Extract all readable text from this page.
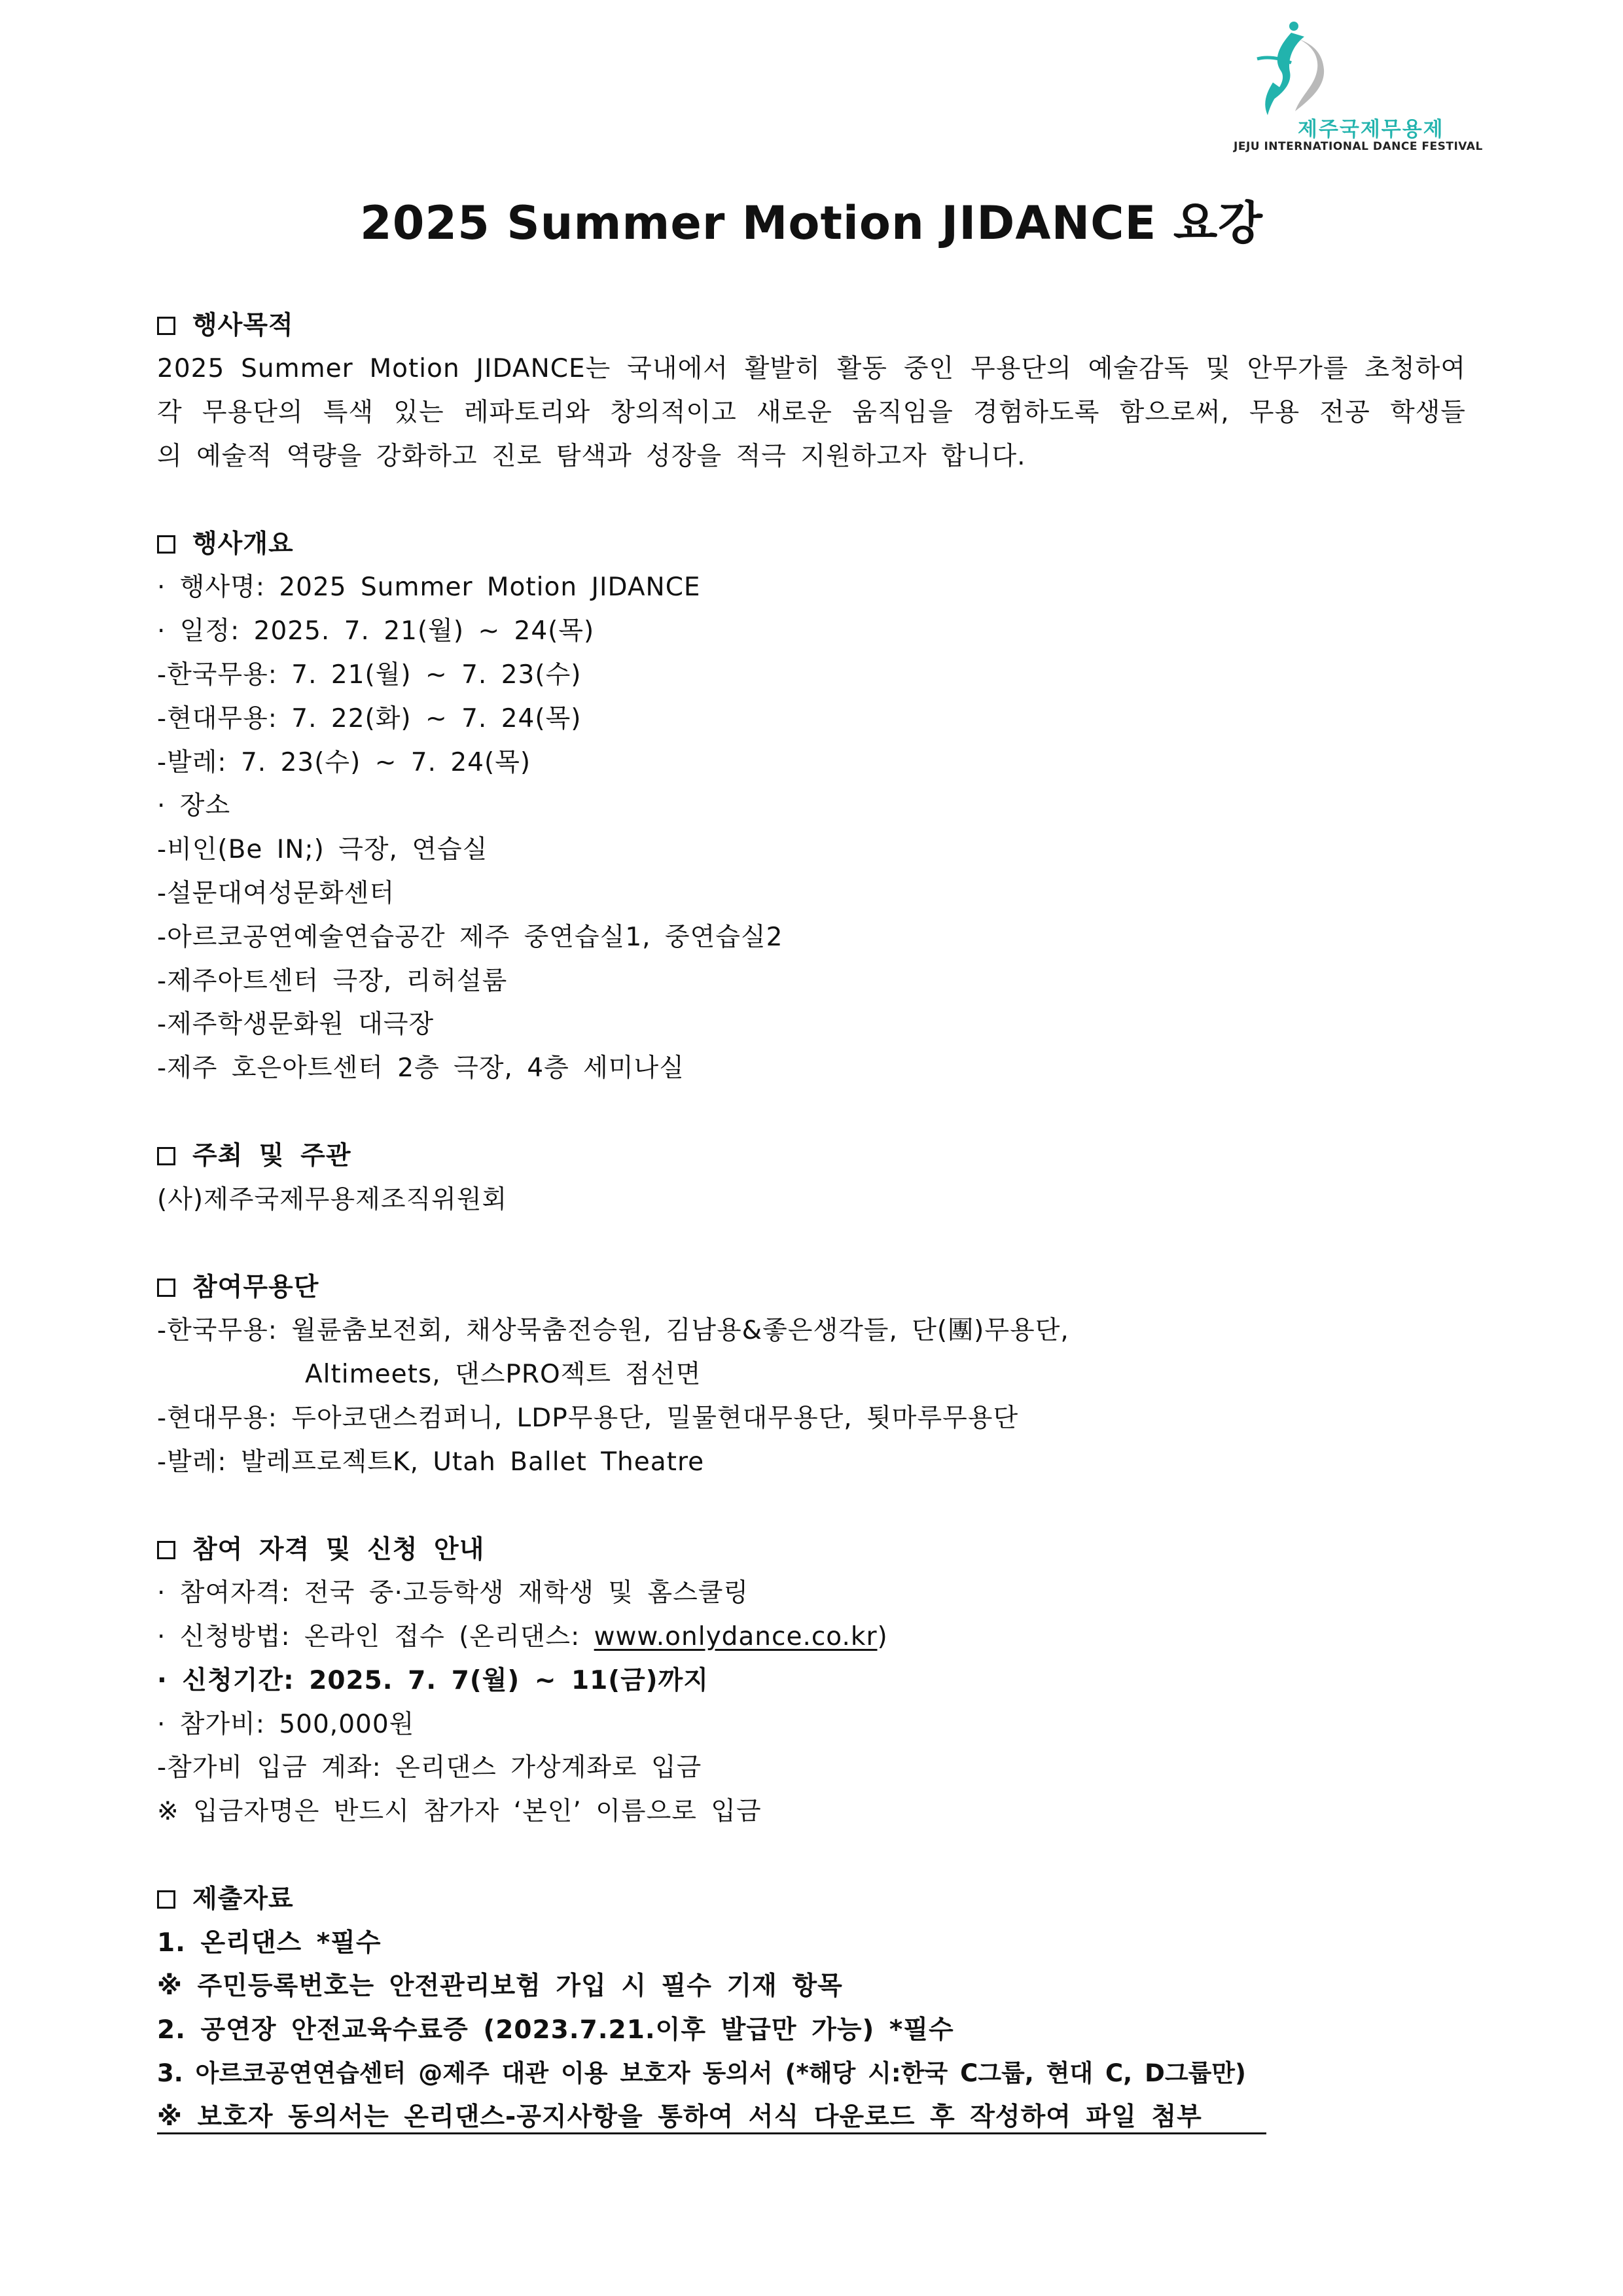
제주국제무용제
JEJU INTERNATIONAL DANCE FESTIVAL
2025 Summer Motion JIDANCE 요강
행사목적
2025 Summer Motion JIDANCE는 국내에서 활발히 활동 중인 무용단의 예술감독 및 안무가를 초청하여
각 무용단의 특색 있는 레파토리와 창의적이고 새로운 움직임을 경험하도록 함으로써, 무용 전공 학생들
의 예술적 역량을 강화하고 진로 탐색과 성장을 적극 지원하고자 합니다.
행사개요
· 행사명: 2025 Summer Motion JIDANCE
· 일정: 2025. 7. 21(월) ~ 24(목)
-한국무용: 7. 21(월) ~ 7. 23(수)
-현대무용: 7. 22(화) ~ 7. 24(목)
-발레: 7. 23(수) ~ 7. 24(목)
· 장소
-비인(Be IN;) 극장, 연습실
-설문대여성문화센터
-아르코공연예술연습공간 제주 중연습실1, 중연습실2
-제주아트센터 극장, 리허설룸
-제주학생문화원 대극장
-제주 호은아트센터 2층 극장, 4층 세미나실
주최 및 주관
(사)제주국제무용제조직위원회
참여무용단
-한국무용: 월륜춤보전회, 채상묵춤전승원, 김남용&좋은생각들, 단(團)무용단,
Altimeets, 댄스PRO젝트 점선면
-현대무용: 두아코댄스컴퍼니, LDP무용단, 밀물현대무용단, 툇마루무용단
-발레: 발레프로젝트K, Utah Ballet Theatre
참여 자격 및 신청 안내
· 참여자격: 전국 중·고등학생 재학생 및 홈스쿨링
· 신청방법: 온라인 접수 (온리댄스: www.onlydance.co.kr)
· 신청기간: 2025. 7. 7(월) ~ 11(금)까지
· 참가비: 500,000원
-참가비 입금 계좌: 온리댄스 가상계좌로 입금
※ 입금자명은 반드시 참가자 ‘본인’ 이름으로 입금
제출자료
1. 온리댄스 *필수
※ 주민등록번호는 안전관리보험 가입 시 필수 기재 항목
2. 공연장 안전교육수료증 (2023.7.21.이후 발급만 가능) *필수
3. 아르코공연연습센터 @제주 대관 이용 보호자 동의서 (*해당 시:한국 C그룹, 현대 C, D그룹만)
※ 보호자 동의서는 온리댄스-공지사항을 통하여 서식 다운로드 후 작성하여 파일 첨부
